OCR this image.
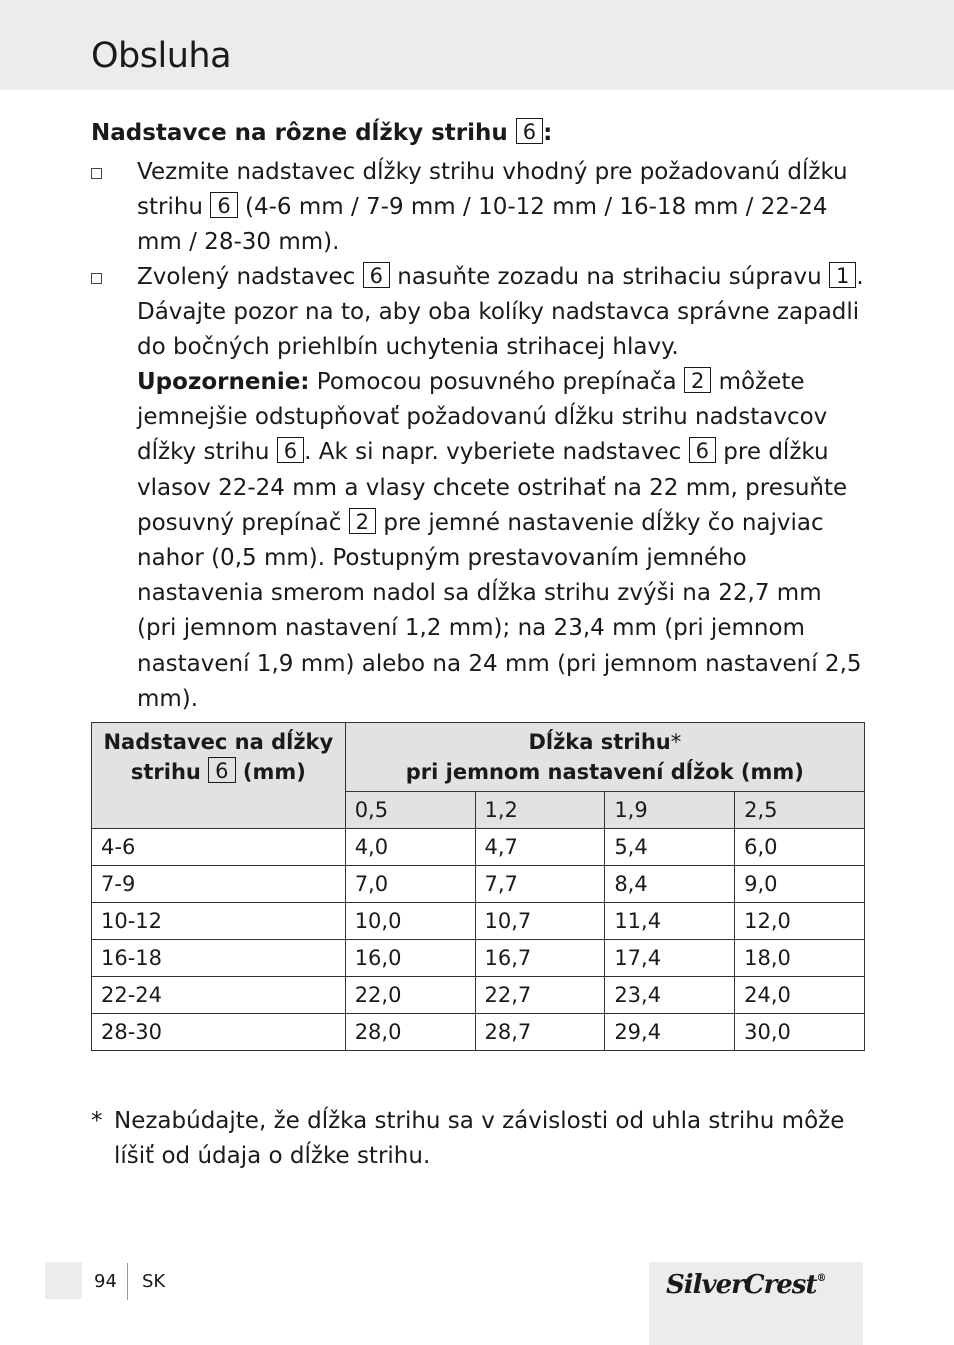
Obsluha
Nadstavce na rôzne dĺžky strihu 6 :
Vezmite nadstavec dĺžky strihu vhodný pre požadovanú dĺžku strihu 6 (4-6 mm / 7-9 mm / 10-12 mm / 16-18 mm / 22-24 mm / 28-30 mm).
Zvolený nadstavec 6 nasuňte zozadu na strihaciu súpravu 1 . Dávajte pozor na to, aby oba kolíky nadstavca správne zapadli do bočných priehlbín uchytenia strihacej hlavy.
Upozornenie: Pomocou posuvného prepínača 2 môžete jemnejšie odstupňovať požadovanú dĺžku strihu nadstavcov dĺžky strihu 6 . Ak si napr. vyberiete nadstavec 6 pre dĺžku vlasov 22-24 mm a vlasy chcete ostrihať na 22 mm, presuňte posuvný prepínač 2 pre jemné nastavenie dĺžky čo najviac nahor (0,5 mm). Postupným prestavovaním jemného nastavenia smerom nadol sa dĺžka strihu zvýši na 22,7 mm (pri jemnom nastavení 1,2 mm); na 23,4 mm (pri jemnom nastavení 1,9 mm) alebo na 24 mm (pri jemnom nastavení 2,5 mm).
Nadstavec na dĺžky strihu 6 (mm)	Dĺžka strihu*
pri jemnom nastavení dĺžok (mm)			
	0,5	1,2	1,9	2,5
4-6	4,0	4,7	5,4	6,0
7-9	7,0	7,7	8,4	9,0
10-12	10,0	10,7	11,4	12,0
16-18	16,0	16,7	17,4	18,0
22-24	22,0	22,7	23,4	24,0
28-30	28,0	28,7	29,4	30,0
* Nezabúdajte, že dĺžka strihu sa v závislosti od uhla strihu môže líšiť od údaja o dĺžke strihu.
94 SK	SilverCrest®
